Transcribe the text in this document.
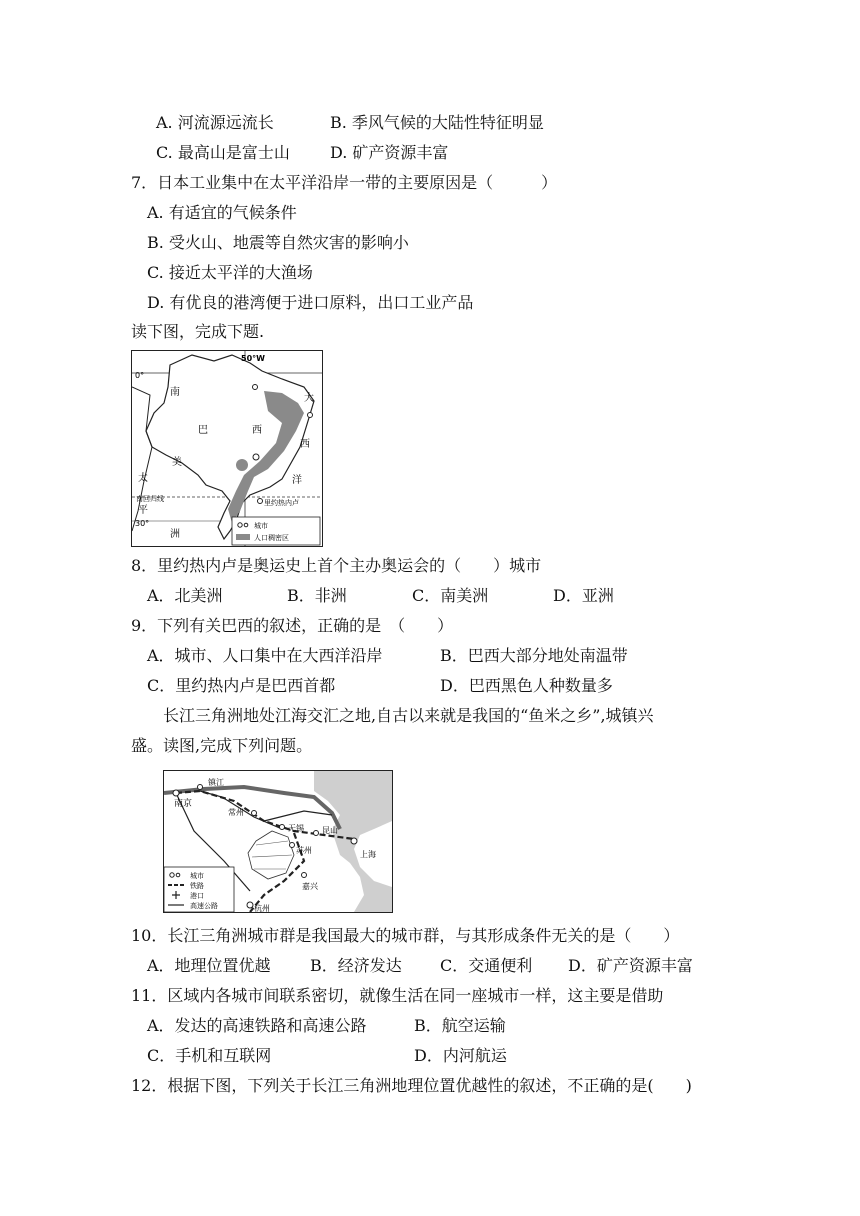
A. 河流源远流长	B. 季风气候的大陆性特征明显
C. 最高山是富士山	D. 矿产资源丰富
7．日本工业集中在太平洋沿岸一带的主要原因是（　　　）
A. 有适宜的气候条件
B. 受火山、地震等自然灾害的影响小
C. 接近太平洋的大渔场
D. 有优良的港湾便于进口原料，出口工业产品
读下图，完成下题.
50°W
0°
30°
南回归线
南
巴	西
美
洲
大
西
洋
太
平
里约热内卢
城市
人口稠密区
8．里约热内卢是奥运史上首个主办奥运会的（　　）城市
A．北美洲	B．非洲	C．南美洲	D．亚洲
9．下列有关巴西的叙述，正确的是　（　　）
A．城市、人口集中在大西洋沿岸	B．巴西大部分地处南温带
C．里约热内卢是巴西首都	D．巴西黑色人种数量多
长江三角洲地处江海交汇之地,自古以来就是我国的“鱼米之乡”,城镇兴
盛。读图,完成下列问题。
南京
镇江
常州
无锡 昆山
苏州	上海
嘉兴
杭州
城市
铁路
港口
高速公路
10．长江三角洲城市群是我国最大的城市群，与其形成条件无关的是（　　）
A．地理位置优越 B．经济发达 C．交通便利 D．矿产资源丰富
11．区域内各城市间联系密切，就像生活在同一座城市一样，这主要是借助
A．发达的高速铁路和高速公路	B．航空运输
C．手机和互联网	D．内河航运
12．根据下图，下列关于长江三角洲地理位置优越性的叙述，不正确的是(　　)
